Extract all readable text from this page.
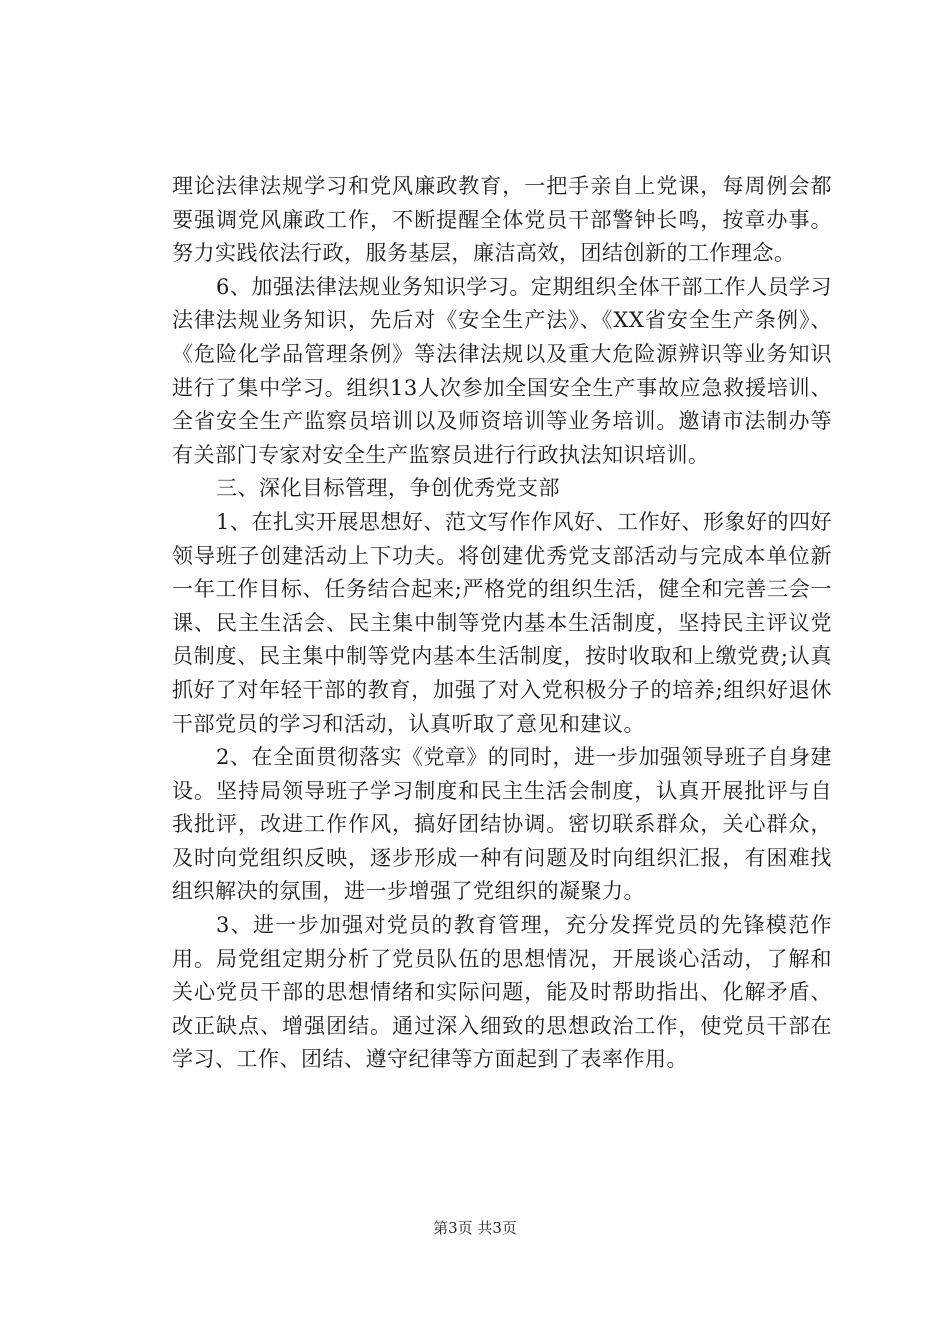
理论法律法规学习和党风廉政教育，一把手亲自上党课，每周例会都要强调党风廉政工作，不断提醒全体党员干部警钟长鸣，按章办事。努力实践依法行政，服务基层，廉洁高效，团结创新的工作理念。

6、加强法律法规业务知识学习。定期组织全体干部工作人员学习法律法规业务知识，先后对《安全生产法》、《XX省安全生产条例》、《危险化学品管理条例》等法律法规以及重大危险源辨识等业务知识进行了集中学习。组织13人次参加全国安全生产事故应急救援培训、全省安全生产监察员培训以及师资培训等业务培训。邀请市法制办等有关部门专家对安全生产监察员进行行政执法知识培训。

三、深化目标管理，争创优秀党支部

1、在扎实开展思想好、范文写作作风好、工作好、形象好的四好领导班子创建活动上下功夫。将创建优秀党支部活动与完成本单位新一年工作目标、任务结合起来;严格党的组织生活，健全和完善三会一课、民主生活会、民主集中制等党内基本生活制度，坚持民主评议党员制度、民主集中制等党内基本生活制度，按时收取和上缴党费;认真抓好了对年轻干部的教育，加强了对入党积极分子的培养;组织好退休干部党员的学习和活动，认真听取了意见和建议。

2、在全面贯彻落实《党章》的同时，进一步加强领导班子自身建设。坚持局领导班子学习制度和民主生活会制度，认真开展批评与自我批评，改进工作作风，搞好团结协调。密切联系群众，关心群众，及时向党组织反映，逐步形成一种有问题及时向组织汇报，有困难找组织解决的氛围，进一步增强了党组织的凝聚力。

3、进一步加强对党员的教育管理，充分发挥党员的先锋模范作用。局党组定期分析了党员队伍的思想情况，开展谈心活动，了解和关心党员干部的思想情绪和实际问题，能及时帮助指出、化解矛盾、改正缺点、增强团结。通过深入细致的思想政治工作，使党员干部在学习、工作、团结、遵守纪律等方面起到了表率作用。

第3页 共3页
